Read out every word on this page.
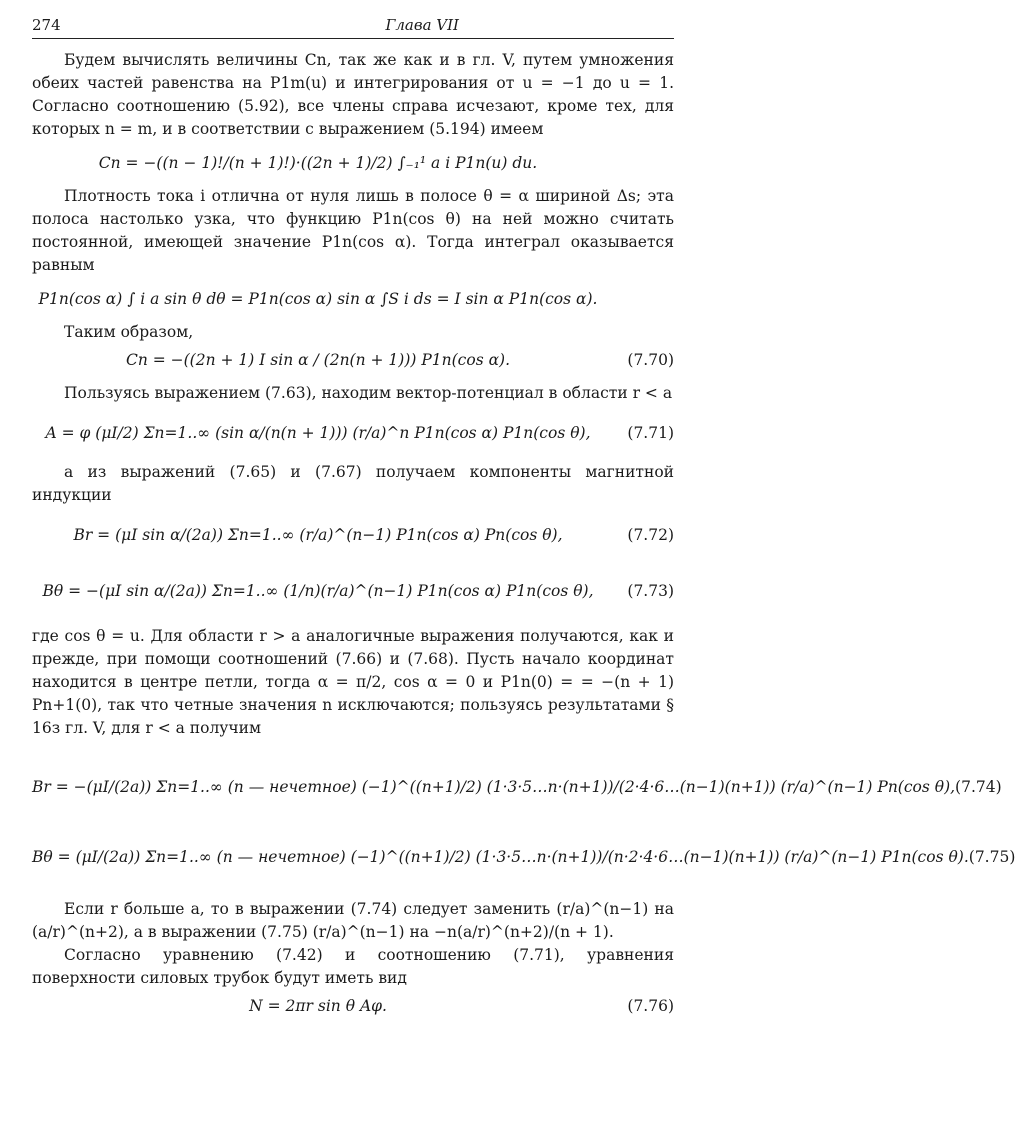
274	Глава VII

Будем вычислять величины Cn, так же как и в гл. V, путем умножения обеих частей равенства на P1m(u) и интегрирования от u = −1 до u = 1. Согласно соотношению (5.92), все члены справа исчезают, кроме тех, для которых n = m, и в соответствии с выражением (5.194) имеем

Cn = −((n − 1)!/(n + 1)!)·((2n + 1)/2) ∫₋₁¹ a i P1n(u) du.

Плотность тока i отлична от нуля лишь в полосе θ = α шириной Δs; эта полоса настолько узка, что функцию P1n(cos θ) на ней можно считать постоянной, имеющей значение P1n(cos α). Тогда интеграл оказывается равным

P1n(cos α) ∫ i a sin θ dθ = P1n(cos α) sin α ∫S i ds = I sin α P1n(cos α).

Таким образом,

Cn = −((2n + 1) I sin α / (2n(n + 1))) P1n(cos α).	(7.70)

Пользуясь выражением (7.63), находим вектор-потенциал в области r < a

A = φ (μI/2) Σn=1..∞ (sin α/(n(n + 1))) (r/a)^n P1n(cos α) P1n(cos θ),	(7.71)

а из выражений (7.65) и (7.67) получаем компоненты магнитной индукции

Br = (μI sin α/(2a)) Σn=1..∞ (r/a)^(n−1) P1n(cos α) Pn(cos θ),	(7.72)
Bθ = −(μI sin α/(2a)) Σn=1..∞ (1/n)(r/a)^(n−1) P1n(cos α) P1n(cos θ),	(7.73)

где cos θ = u. Для области r > a аналогичные выражения получаются, как и прежде, при помощи соотношений (7.66) и (7.68). Пусть начало координат находится в центре петли, тогда α = π/2, cos α = 0 и P1n(0) = = −(n + 1) Pn+1(0), так что четные значения n исключаются; пользуясь результатами § 16з гл. V, для r < a получим

Br = −(μI/(2a)) Σn=1..∞ (n — нечетное) (−1)^((n+1)/2) (1·3·5…n·(n+1))/(2·4·6…(n−1)(n+1)) (r/a)^(n−1) Pn(cos θ), (7.74)
Bθ = (μI/(2a)) Σn=1..∞ (n — нечетное) (−1)^((n+1)/2) (1·3·5…n·(n+1))/(n·2·4·6…(n−1)(n+1)) (r/a)^(n−1) P1n(cos θ). (7.75)

Если r больше a, то в выражении (7.74) следует заменить (r/a)^(n−1) на (a/r)^(n+2), а в выражении (7.75) (r/a)^(n−1) на −n(a/r)^(n+2)/(n + 1).

Согласно уравнению (7.42) и соотношению (7.71), уравнения поверхности силовых трубок будут иметь вид

N = 2πr sin θ Aφ.	(7.76)
